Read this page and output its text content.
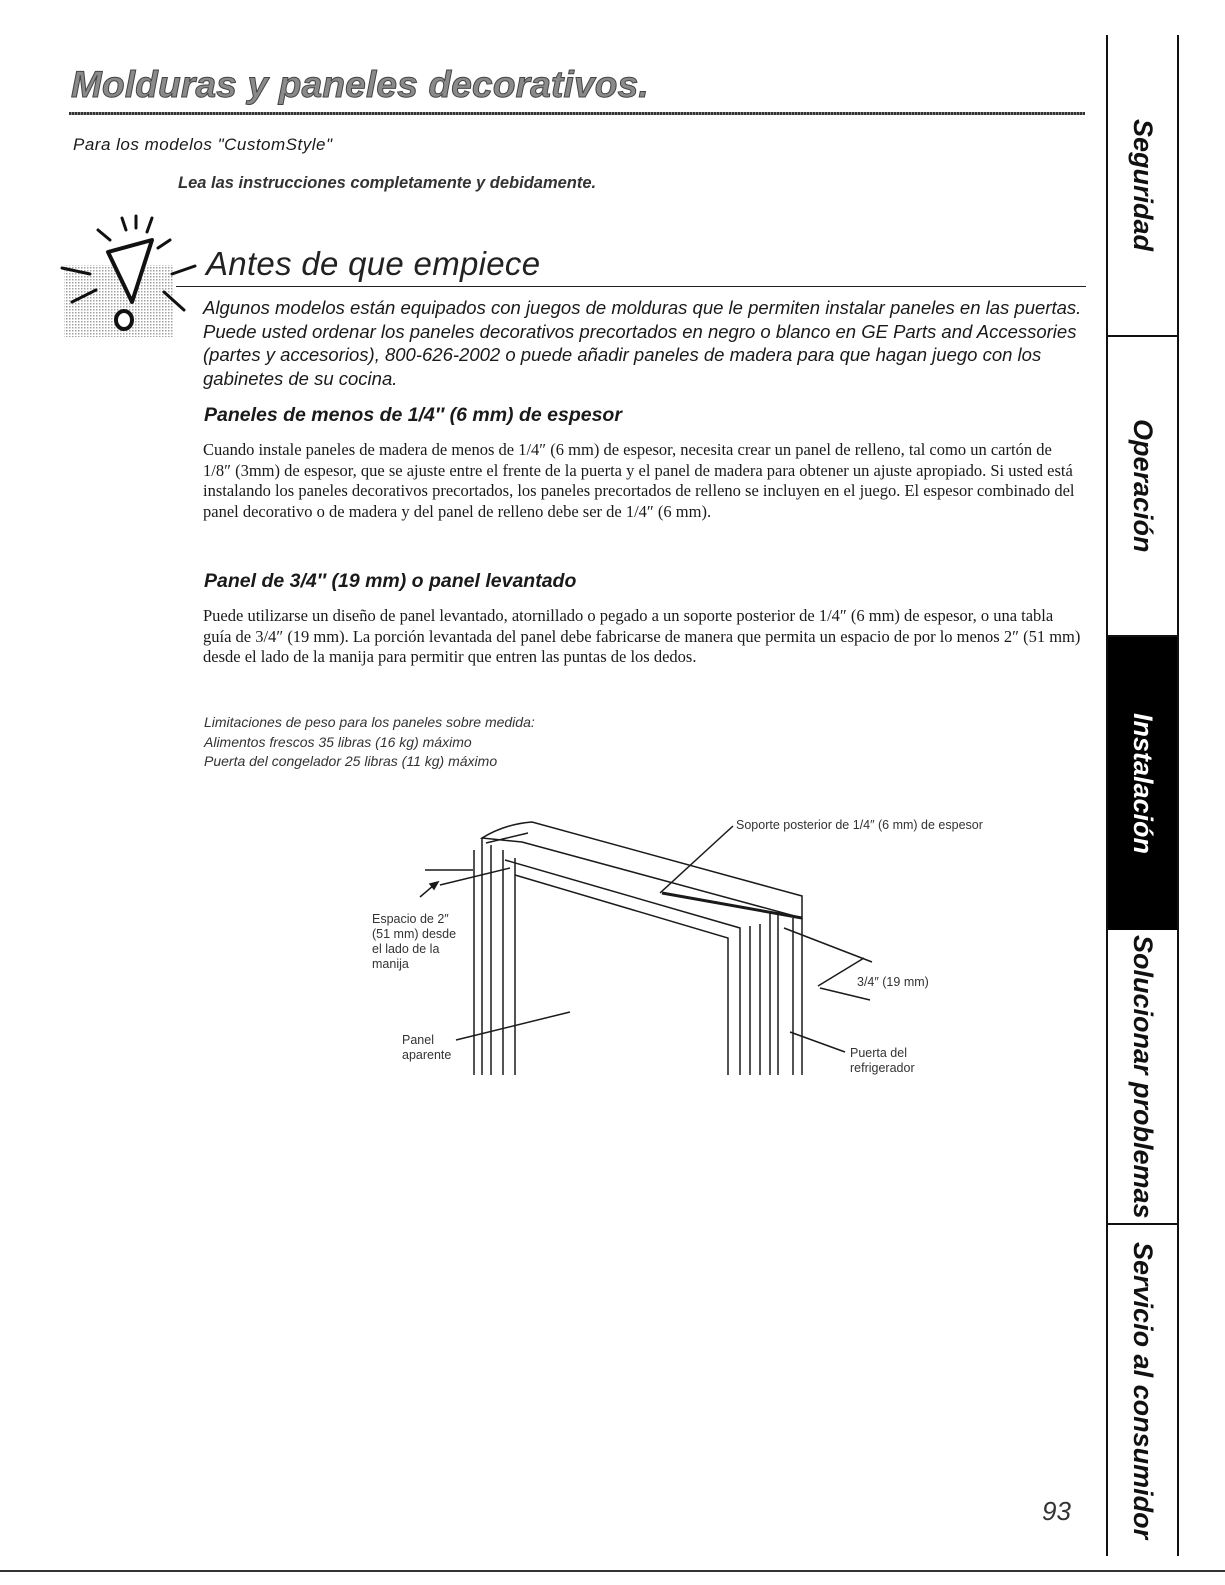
Molduras y paneles decorativos.
Para los modelos "CustomStyle"
Lea las instrucciones completamente y debidamente.
Antes de que empiece

Algunos modelos están equipados con juegos de molduras que le permiten instalar paneles en las puertas. Puede usted ordenar los paneles decorativos precortados en negro o blanco en GE Parts and Accessories (partes y accesorios), 800-626-2002 o puede añadir paneles de madera para que hagan juego con los gabinetes de su cocina.

Paneles de menos de 1/4″ (6 mm) de espesor

Cuando instale paneles de madera de menos de 1/4″ (6 mm) de espesor, necesita crear un panel de relleno, tal como un cartón de 1/8″ (3mm) de espesor, que se ajuste entre el frente de la puerta y el panel de madera para obtener un ajuste apropiado. Si usted está instalando los paneles decorativos precortados, los paneles precortados de relleno se incluyen en el juego. El espesor combinado del panel decorativo o de madera y del panel de relleno debe ser de 1/4″ (6 mm).

Panel de 3/4″ (19 mm) o panel levantado

Puede utilizarse un diseño de panel levantado, atornillado o pegado a un soporte posterior de 1/4″ (6 mm) de espesor, o una tabla guía de 3/4″ (19 mm). La porción levantada del panel debe fabricarse de manera que permita un espacio de por lo menos 2″ (51 mm) desde el lado de la manija para permitir que entren las puntas de los dedos.

Limitaciones de peso para los paneles sobre medida:
Alimentos frescos 35 libras (16 kg) máximo
Puerta del congelador 25 libras (11 kg) máximo
Soporte posterior de 1/4″ (6 mm) de espesor
Espacio de 2″
(51 mm) desde
el lado de la
manija
3/4″ (19 mm)
Panel
aparente	Puerta del
refrigerador
93
Seguridad
Operación
Instalación
Solucionar problemas
Servicio al consumidor
